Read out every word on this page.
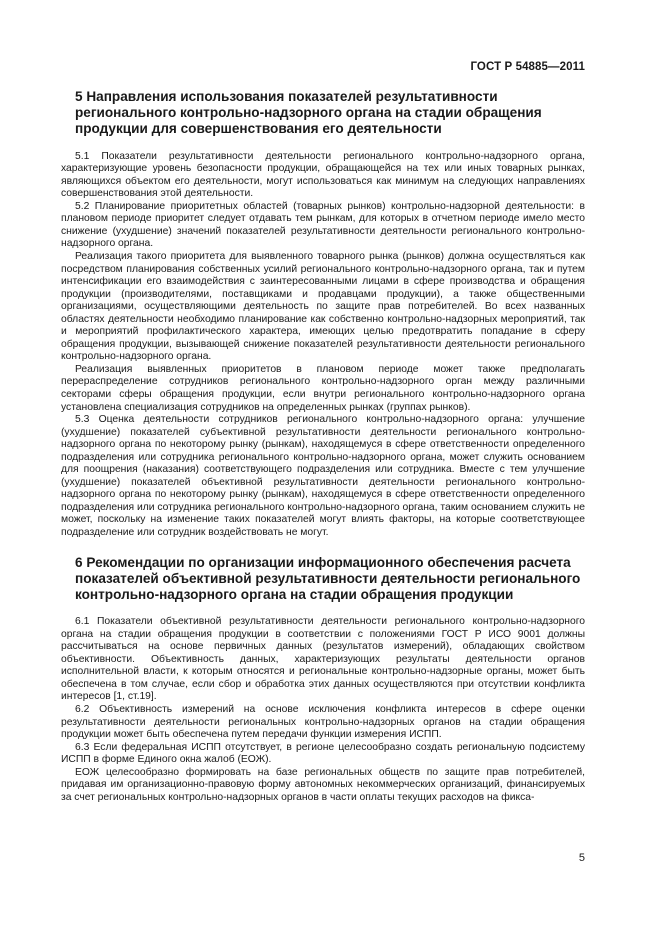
ГОСТ Р 54885—2011
5 Направления использования показателей результативности регионального контрольно-надзорного органа на стадии обращения продукции для совершенствования его деятельности

5.1 Показатели результативности деятельности регионального контрольно-надзорного органа, характеризующие уровень безопасности продукции, обращающейся на тех или иных товарных рынках, являющихся объектом его деятельности, могут использоваться как минимум на следующих направлениях совершенствования этой деятельности.

5.2 Планирование приоритетных областей (товарных рынков) контрольно-надзорной деятельности: в плановом периоде приоритет следует отдавать тем рынкам, для которых в отчетном периоде имело место снижение (ухудшение) значений показателей результативности деятельности регионального контрольно-надзорного органа.

Реализация такого приоритета для выявленного товарного рынка (рынков) должна осуществляться как посредством планирования собственных усилий регионального контрольно-надзорного органа, так и путем интенсификации его взаимодействия с заинтересованными лицами в сфере производства и обращения продукции (производителями, поставщиками и продавцами продукции), а также общественными организациями, осуществляющими деятельность по защите прав потребителей. Во всех названных областях деятельности необходимо планирование как собственно контрольно-надзорных мероприятий, так и мероприятий профилактического характера, имеющих целью предотвратить попадание в сферу обращения продукции, вызывающей снижение показателей результативности деятельности регионального контрольно-надзорного органа.

Реализация выявленных приоритетов в плановом периоде может также предполагать перераспределение сотрудников регионального контрольно-надзорного орган между различными секторами сферы обращения продукции, если внутри регионального контрольно-надзорного органа установлена специализация сотрудников на определенных рынках (группах рынков).

5.3 Оценка деятельности сотрудников регионального контрольно-надзорного органа: улучшение (ухудшение) показателей субъективной результативности деятельности регионального контрольно-надзорного органа по некоторому рынку (рынкам), находящемуся в сфере ответственности определенного подразделения или сотрудника регионального контрольно-надзорного органа, может служить основанием для поощрения (наказания) соответствующего подразделения или сотрудника. Вместе с тем улучшение (ухудшение) показателей объективной результативности деятельности регионального контрольно-надзорного органа по некоторому рынку (рынкам), находящемуся в сфере ответственности определенного подразделения или сотрудника регионального контрольно-надзорного органа, таким основанием служить не может, поскольку на изменение таких показателей могут влиять факторы, на которые соответствующее подразделение или сотрудник воздействовать не могут.

6 Рекомендации по организации информационного обеспечения расчета показателей объективной результативности деятельности регионального контрольно-надзорного органа на стадии обращения продукции

6.1 Показатели объективной результативности деятельности регионального контрольно-надзорного органа на стадии обращения продукции в соответствии с положениями ГОСТ Р ИСО 9001 должны рассчитываться на основе первичных данных (результатов измерений), обладающих свойством объективности. Объективность данных, характеризующих результаты деятельности органов исполнительной власти, к которым относятся и региональные контрольно-надзорные органы, может быть обеспечена в том случае, если сбор и обработка этих данных осуществляются при отсутствии конфликта интересов [1, ст.19].

6.2 Объективность измерений на основе исключения конфликта интересов в сфере оценки результативности деятельности региональных контрольно-надзорных органов на стадии обращения продукции может быть обеспечена путем передачи функции измерения ИСПП.

6.3 Если федеральная ИСПП отсутствует, в регионе целесообразно создать региональную подсистему ИСПП в форме Единого окна жалоб (ЕОЖ).

ЕОЖ целесообразно формировать на базе региональных обществ по защите прав потребителей, придавая им организационно-правовую форму автономных некоммерческих организаций, финансируемых за счет региональных контрольно-надзорных органов в части оплаты текущих расходов на фикса-

5
